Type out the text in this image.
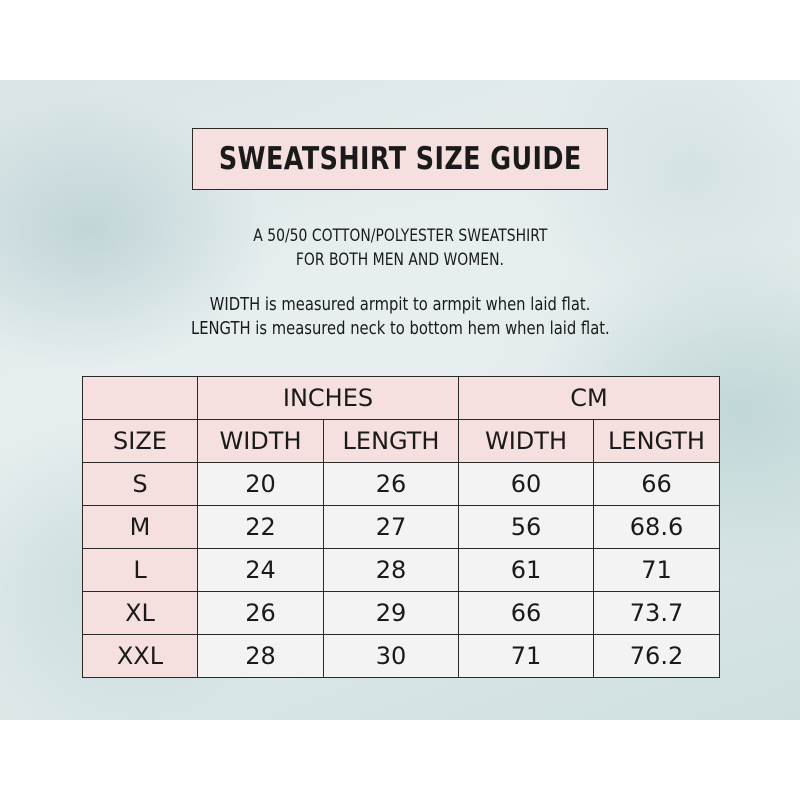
SWEATSHIRT SIZE GUIDE
A 50/50 COTTON/POLYESTER SWEATSHIRT
FOR BOTH MEN AND WOMEN.
WIDTH is measured armpit to armpit when laid flat.
LENGTH is measured neck to bottom hem when laid flat.
	INCHES		CM	
SIZE	WIDTH	LENGTH	WIDTH	LENGTH
S	20	26	60	66
M	22	27	56	68.6
L	24	28	61	71
XL	26	29	66	73.7
XXL	28	30	71	76.2
